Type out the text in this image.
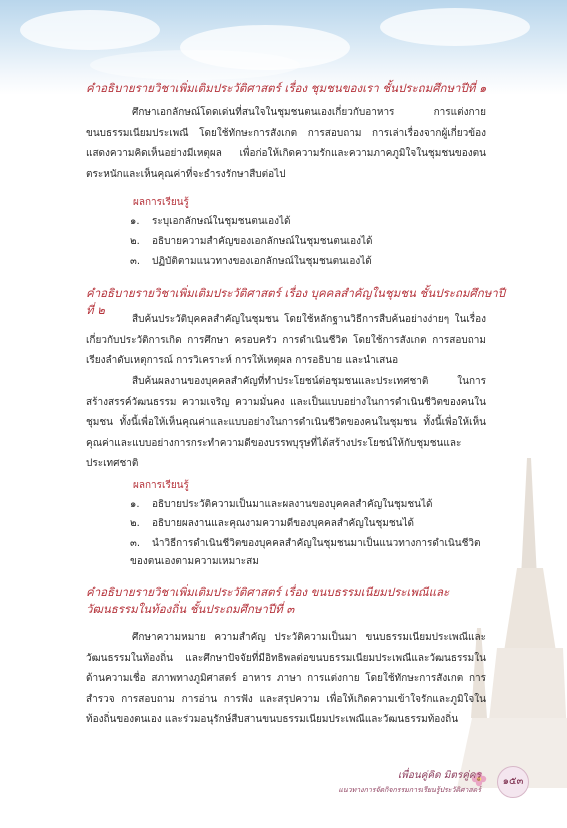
คำอธิบายรายวิชาเพิ่มเติมประวัติศาสตร์ เรื่อง ชุมชนของเรา ชั้นประถมศึกษาปีที่ ๑

ศึกษาเอกลักษณ์โดดเด่นที่สนใจในชุมชนตนเองเกี่ยวกับอาหาร การแต่งกาย ขนบธรรมเนียมประเพณี โดยใช้ทักษะการสังเกต การสอบถาม การเล่าเรื่องจากผู้เกี่ยวข้อง แสดงความคิดเห็นอย่างมีเหตุผล เพื่อก่อให้เกิดความรักและความภาคภูมิใจในชุมชนของตน ตระหนักและเห็นคุณค่าที่จะธำรงรักษาสืบต่อไป

ผลการเรียนรู้
๑. ระบุเอกลักษณ์ในชุมชนตนเองได้
๒. อธิบายความสำคัญของเอกลักษณ์ในชุมชนตนเองได้
๓. ปฏิบัติตามแนวทางของเอกลักษณ์ในชุมชนตนเองได้
คำอธิบายรายวิชาเพิ่มเติมประวัติศาสตร์ เรื่อง บุคคลสำคัญในชุมชน ชั้นประถมศึกษาปีที่ ๒

สืบค้นประวัติบุคคลสำคัญในชุมชน โดยใช้หลักฐานวิธีการสืบค้นอย่างง่ายๆ ในเรื่องเกี่ยวกับประวัติการเกิด การศึกษา ครอบครัว การดำเนินชีวิต โดยใช้การสังเกต การสอบถาม เรียงลำดับเหตุการณ์ การวิเคราะห์ การให้เหตุผล การอธิบาย และนำเสนอ

สืบค้นผลงานของบุคคลสำคัญที่ทำประโยชน์ต่อชุมชนและประเทศชาติ ในการสร้างสรรค์วัฒนธรรม ความเจริญ ความมั่นคง และเป็นแบบอย่างในการดำเนินชีวิตของคนในชุมชน ทั้งนี้เพื่อให้เห็นคุณค่าและแบบอย่างในการดำเนินชีวิตของคนในชุมชน ทั้งนี้เพื่อให้เห็นคุณค่าและแบบอย่างการกระทำความดีของบรรพบุรุษที่ได้สร้างประโยชน์ให้กับชุมชนและประเทศชาติ

ผลการเรียนรู้
๑. อธิบายประวัติความเป็นมาและผลงานของบุคคลสำคัญในชุมชนได้
๒. อธิบายผลงานและคุณงามความดีของบุคคลสำคัญในชุมชนได้
๓. นำวิธีการดำเนินชีวิตของบุคคลสำคัญในชุมชนมาเป็นแนวทางการดำเนินชีวิตของตนเองตามความเหมาะสม
คำอธิบายรายวิชาเพิ่มเติมประวัติศาสตร์ เรื่อง ขนบธรรมเนียมประเพณีและวัฒนธรรมในท้องถิ่น ชั้นประถมศึกษาปีที่ ๓

ศึกษาความหมาย ความสำคัญ ประวัติความเป็นมา ขนบธรรมเนียมประเพณีและวัฒนธรรมในท้องถิ่น และศึกษาปัจจัยที่มีอิทธิพลต่อขนบธรรมเนียมประเพณีและวัฒนธรรมในด้านความเชื่อ สภาพทางภูมิศาสตร์ อาหาร ภาษา การแต่งกาย โดยใช้ทักษะการสังเกต การสำรวจ การสอบถาม การอ่าน การฟัง และสรุปความ เพื่อให้เกิดความเข้าใจรักและภูมิใจในท้องถิ่นของตนเอง และร่วมอนุรักษ์สืบสานขนบธรรมเนียมประเพณีและวัฒนธรรมท้องถิ่น

เพื่อนคู่คิด มิตรคู่ครู
แนวทางการจัดกิจกรรมการเรียนรู้ประวัติศาสตร์
๑๕๓
